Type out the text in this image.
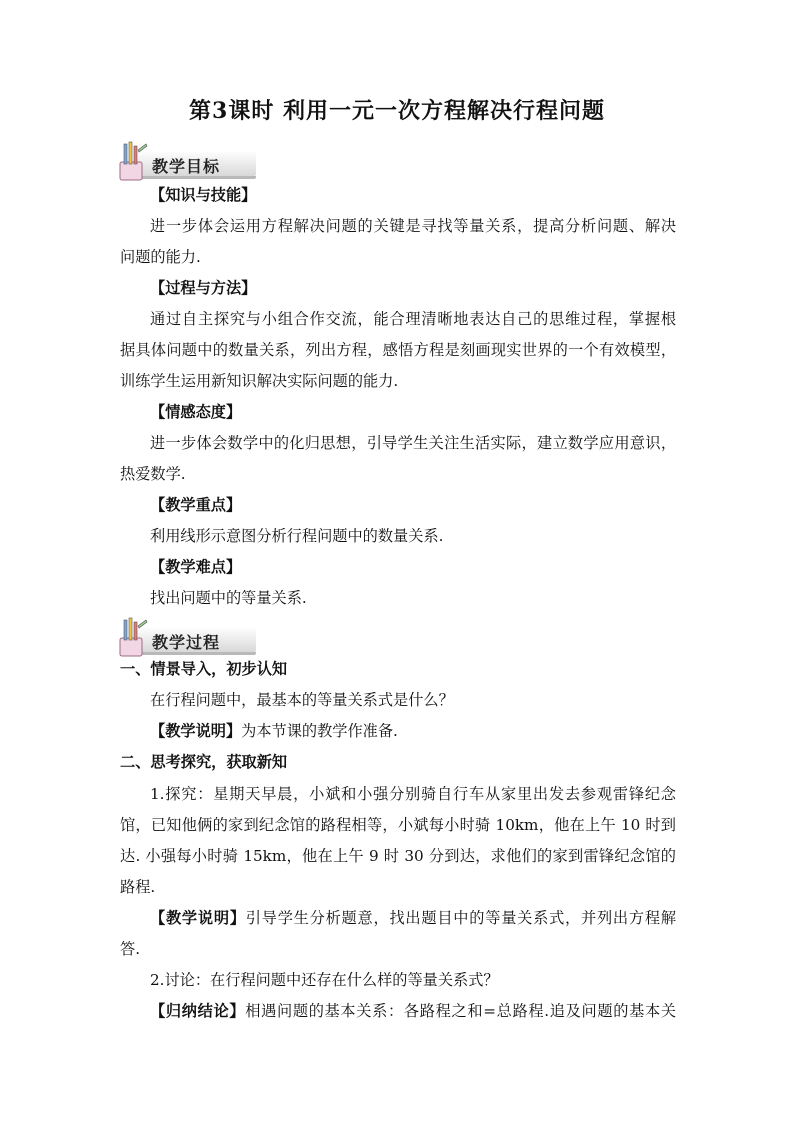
第3课时 利用一元一次方程解决行程问题
教学目标
【知识与技能】
进一步体会运用方程解决问题的关键是寻找等量关系，提高分析问题、解决
问题的能力.
【过程与方法】
通过自主探究与小组合作交流，能合理清晰地表达自己的思维过程，掌握根
据具体问题中的数量关系，列出方程，感悟方程是刻画现实世界的一个有效模型，
训练学生运用新知识解决实际问题的能力.
【情感态度】
进一步体会数学中的化归思想，引导学生关注生活实际，建立数学应用意识，
热爱数学.
【教学重点】
利用线形示意图分析行程问题中的数量关系.
【教学难点】
找出问题中的等量关系.
教学过程
一、情景导入，初步认知
在行程问题中，最基本的等量关系式是什么？
【教学说明】为本节课的教学作准备.
二、思考探究，获取新知
1.探究：星期天早晨，小斌和小强分别骑自行车从家里出发去参观雷锋纪念
馆，已知他俩的家到纪念馆的路程相等，小斌每小时骑 10km，他在上午 10 时到
达. 小强每小时骑 15km，他在上午 9 时 30 分到达，求他们的家到雷锋纪念馆的
路程.
【教学说明】引导学生分析题意，找出题目中的等量关系式，并列出方程解
答.
2.讨论：在行程问题中还存在什么样的等量关系式？
【归纳结论】相遇问题的基本关系：各路程之和=总路程.追及问题的基本关
